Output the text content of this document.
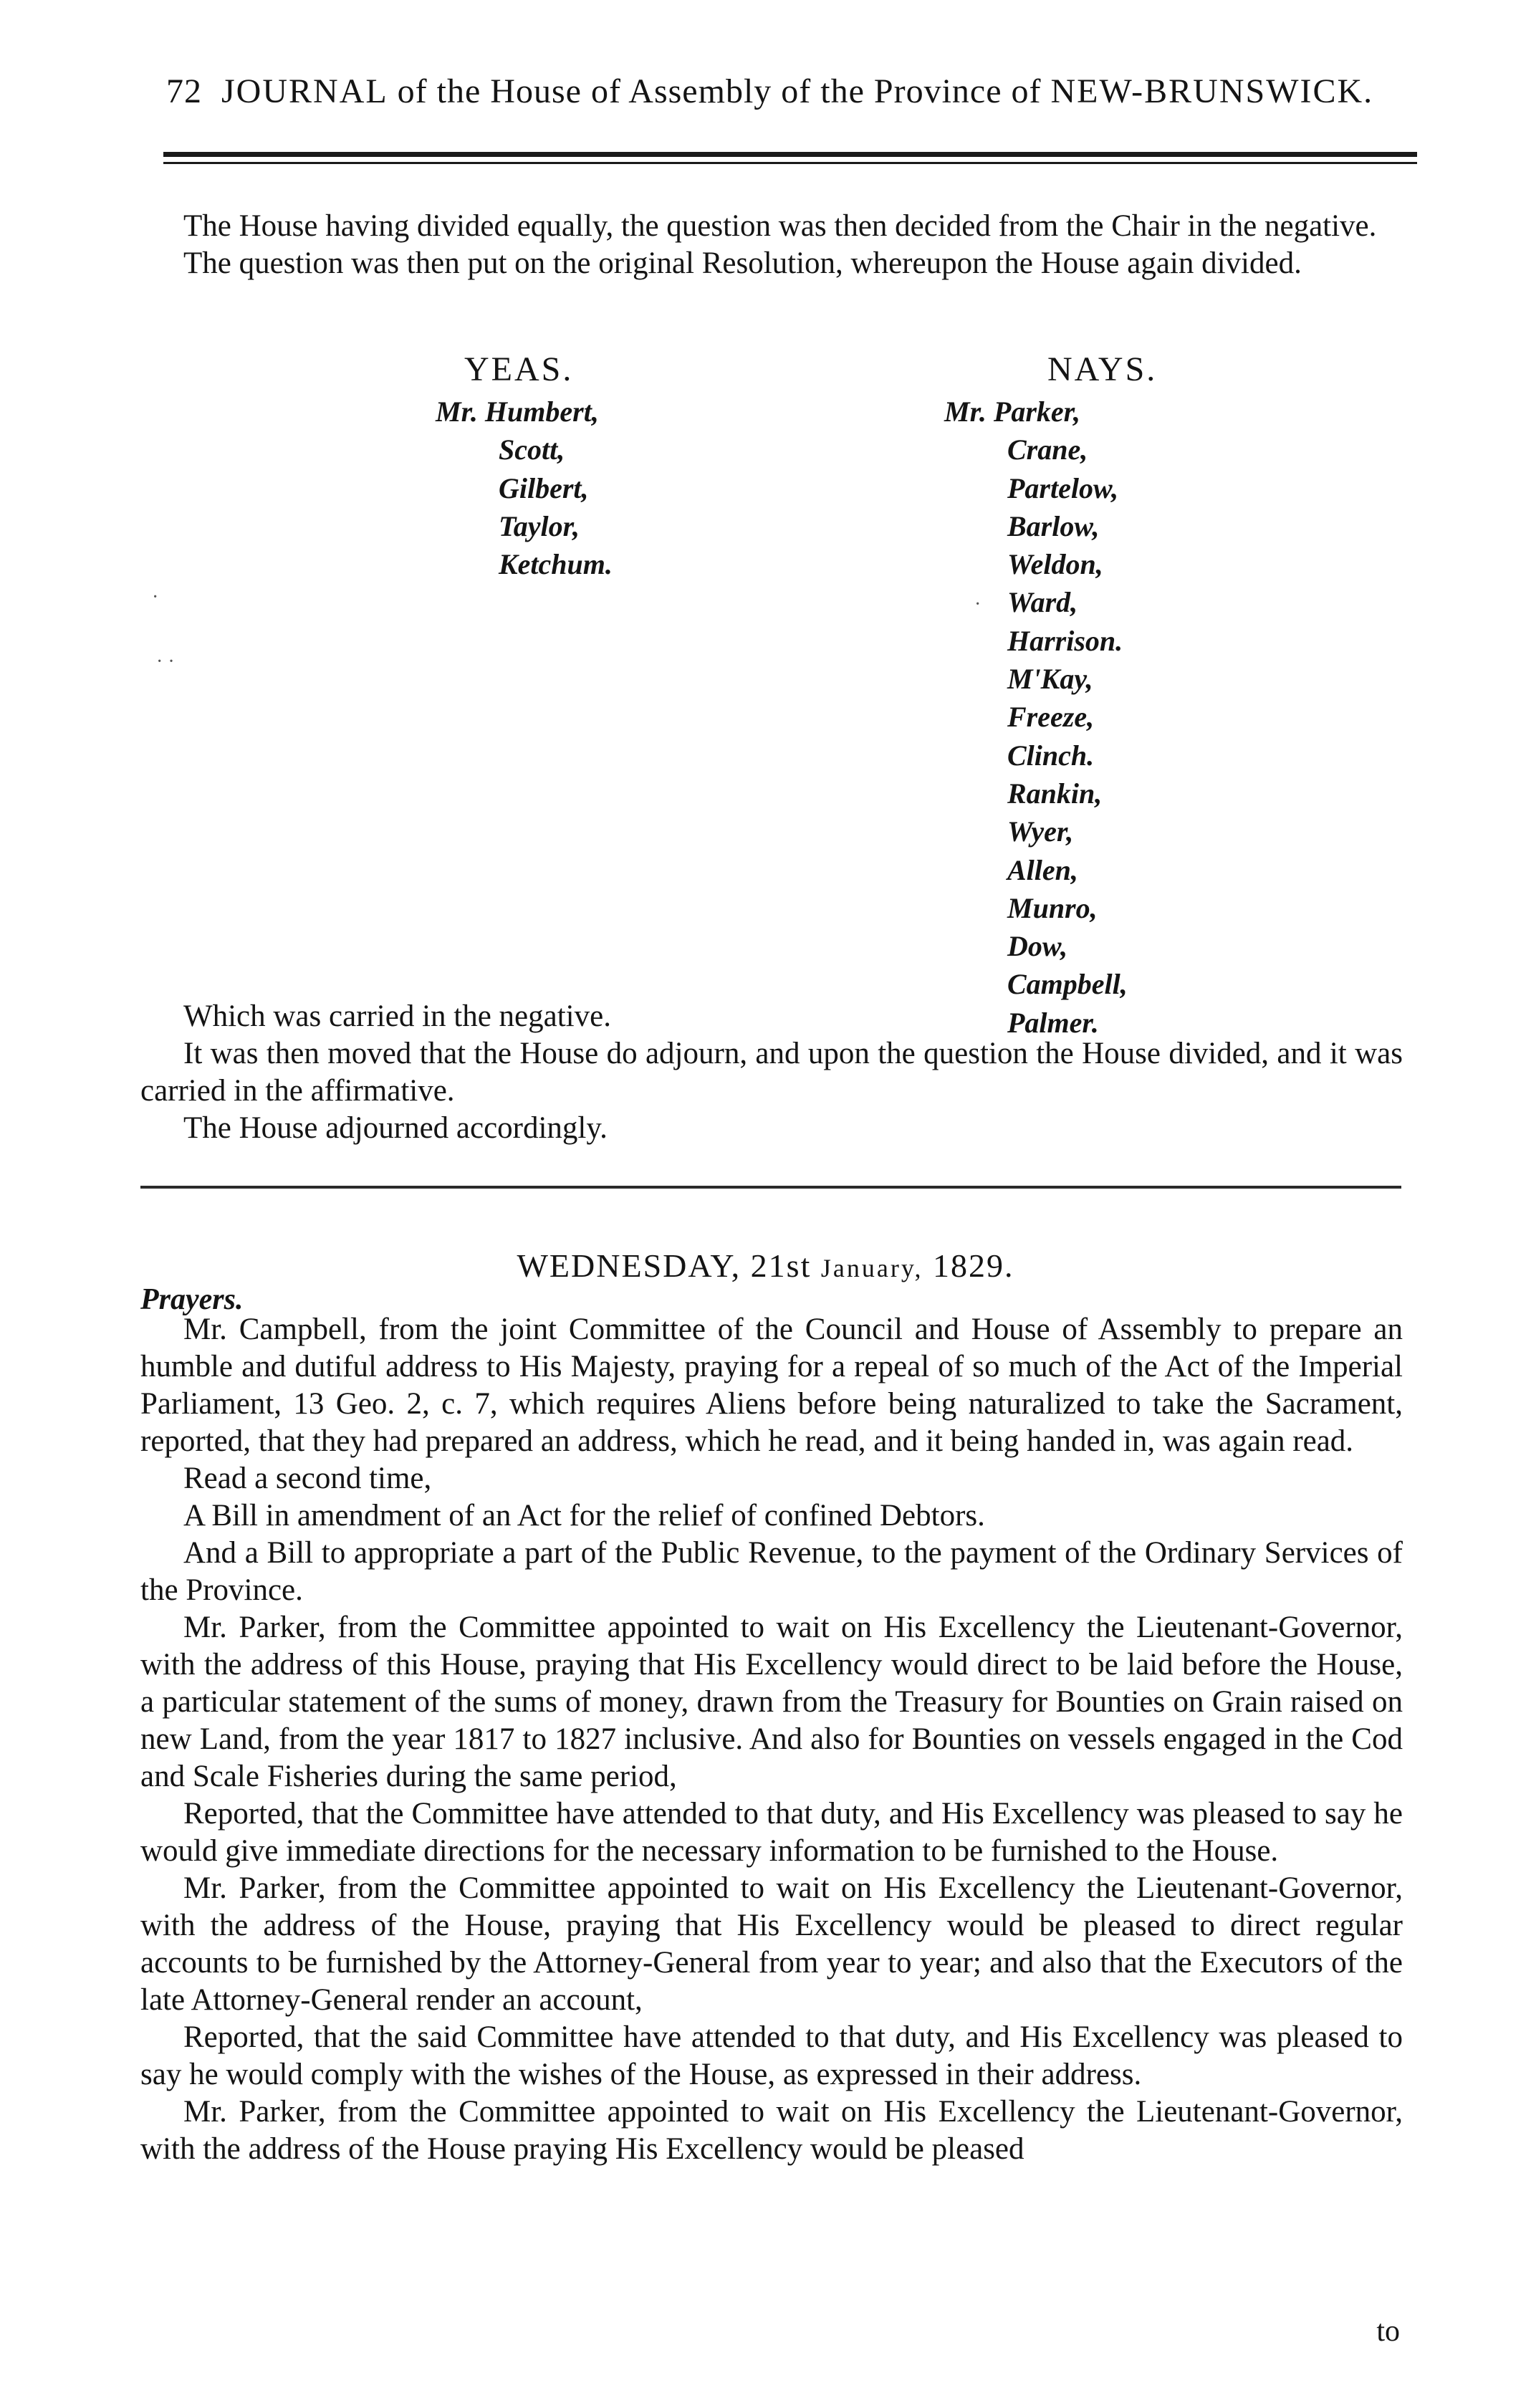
72 JOURNAL of the House of Assembly of the Province of NEW-BRUNSWICK.

The House having divided equally, the question was then decided from the Chair in the negative.

The question was then put on the original Resolution, whereupon the House again divided.

YEAS.	NAYS.
Mr. Humbert,
Scott,
Gilbert,
Taylor,
Ketchum.
Mr. Parker,
Crane,
Partelow,
Barlow,
Weldon,
Ward,
Harrison.
M'Kay,
Freeze,
Clinch.
Rankin,
Wyer,
Allen,
Munro,
Dow,
Campbell,
Palmer.
·
· ·
·

Which was carried in the negative.

It was then moved that the House do adjourn, and upon the question the House divided, and it was carried in the affirmative.

The House adjourned accordingly.

WEDNESDAY, 21st January, 1829.
Prayers.

Mr. Campbell, from the joint Committee of the Council and House of Assembly to prepare an humble and dutiful address to His Majesty, praying for a repeal of so much of the Act of the Imperial Parliament, 13 Geo. 2, c. 7, which requires Aliens before being naturalized to take the Sacrament, reported, that they had prepared an address, which he read, and it being handed in, was again read.

Read a second time,

A Bill in amendment of an Act for the relief of confined Debtors.

And a Bill to appropriate a part of the Public Revenue, to the payment of the Ordinary Services of the Province.

Mr. Parker, from the Committee appointed to wait on His Excellency the Lieutenant-Governor, with the address of this House, praying that His Excellency would direct to be laid before the House, a particular statement of the sums of money, drawn from the Treasury for Bounties on Grain raised on new Land, from the year 1817 to 1827 inclusive. And also for Bounties on vessels engaged in the Cod and Scale Fisheries during the same period,

Reported, that the Committee have attended to that duty, and His Excellency was pleased to say he would give immediate directions for the necessary information to be furnished to the House.

Mr. Parker, from the Committee appointed to wait on His Excellency the Lieutenant-Governor, with the address of the House, praying that His Excellency would be pleased to direct regular accounts to be furnished by the Attorney-General from year to year; and also that the Executors of the late Attorney-General render an account,

Reported, that the said Committee have attended to that duty, and His Excellency was pleased to say he would comply with the wishes of the House, as expressed in their address.

Mr. Parker, from the Committee appointed to wait on His Excellency the Lieutenant-Governor, with the address of the House praying His Excellency would be pleased

to
